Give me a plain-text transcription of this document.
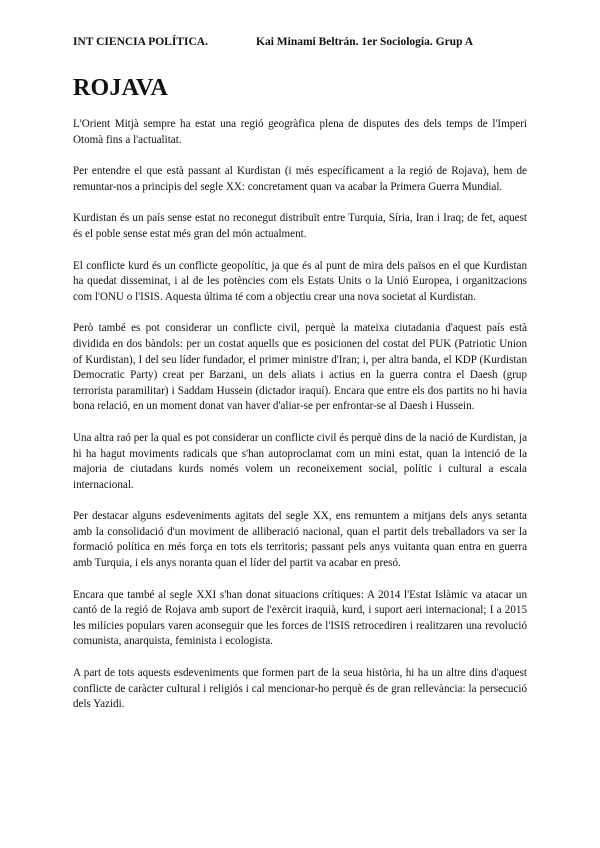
INT CIENCIA POLÍTICA.	Kai Minami Beltrán. 1er Sociología. Grup A
ROJAVA

L'Orient Mitjà sempre ha estat una regió geogràfica plena de disputes des dels temps de l'Imperi Otomà fins a l'actualitat.

Per entendre el que està passant al Kurdistan (i més específicament a la regió de Rojava), hem de remuntar-nos a principis del segle XX: concretament quan va acabar la Primera Guerra Mundial.

Kurdistan és un país sense estat no reconegut distribuït entre Turquia, Síria, Iran i Iraq; de fet, aquest és el poble sense estat més gran del món actualment.

El conflicte kurd és un conflicte geopolític, ja que és al punt de mira dels països en el que Kurdistan ha quedat disseminat, i al de les potències com els Estats Units o la Unió Europea, i organitzacions com l'ONU o l'ISIS. Aquesta última té com a objectiu crear una nova societat al Kurdistan.

Però també es pot considerar un conflicte civil, perquè la mateixa ciutadania d'aquest país està dividida en dos bàndols: per un costat aquells que es posicionen del costat del PUK (Patriotic Union of Kurdistan), I del seu líder fundador, el primer ministre d'Iran; i, per altra banda, el KDP (Kurdistan Democratic Party) creat per Barzani, un dels aliats i actius en la guerra contra el Daesh (grup terrorista paramilitar) i Saddam Hussein (dictador iraquí). Encara que entre els dos partits no hi havia bona relació, en un moment donat van haver d'aliar-se per enfrontar-se al Daesh i Hussein.

Una altra raó per la qual es pot considerar un conflicte civil és perquè dins de la nació de Kurdistan, ja hi ha hagut moviments radicals que s'han autoproclamat com un mini estat, quan la intenció de la majoria de ciutadans kurds només volem un reconeixement social, polític i cultural a escala internacional.

Per destacar alguns esdeveniments agitats del segle XX, ens remuntem a mitjans dels anys setanta amb la consolidació d'un moviment de alliberació nacional, quan el partit dels treballadors va ser la formació política en més força en tots els territoris; passant pels anys vuitanta quan entra en guerra amb Turquia, i els anys noranta quan el líder del partit va acabar en presó.

Encara que també al segle XXI s'han donat situacions crítiques: A 2014 l'Estat Islàmic va atacar un cantó de la regió de Rojava amb suport de l'exèrcit iraquià, kurd, i suport aeri internacional; I a 2015 les milícies populars varen aconseguir que les forces de l'ISIS retrocediren i realitzaren una revolució comunista, anarquista, feminista i ecologista.

A part de tots aquests esdeveniments que formen part de la seua història, hi ha un altre dins d'aquest conflicte de caràcter cultural i religiós i cal mencionar-ho perquè és de gran rellevància: la persecució dels Yazidi.
